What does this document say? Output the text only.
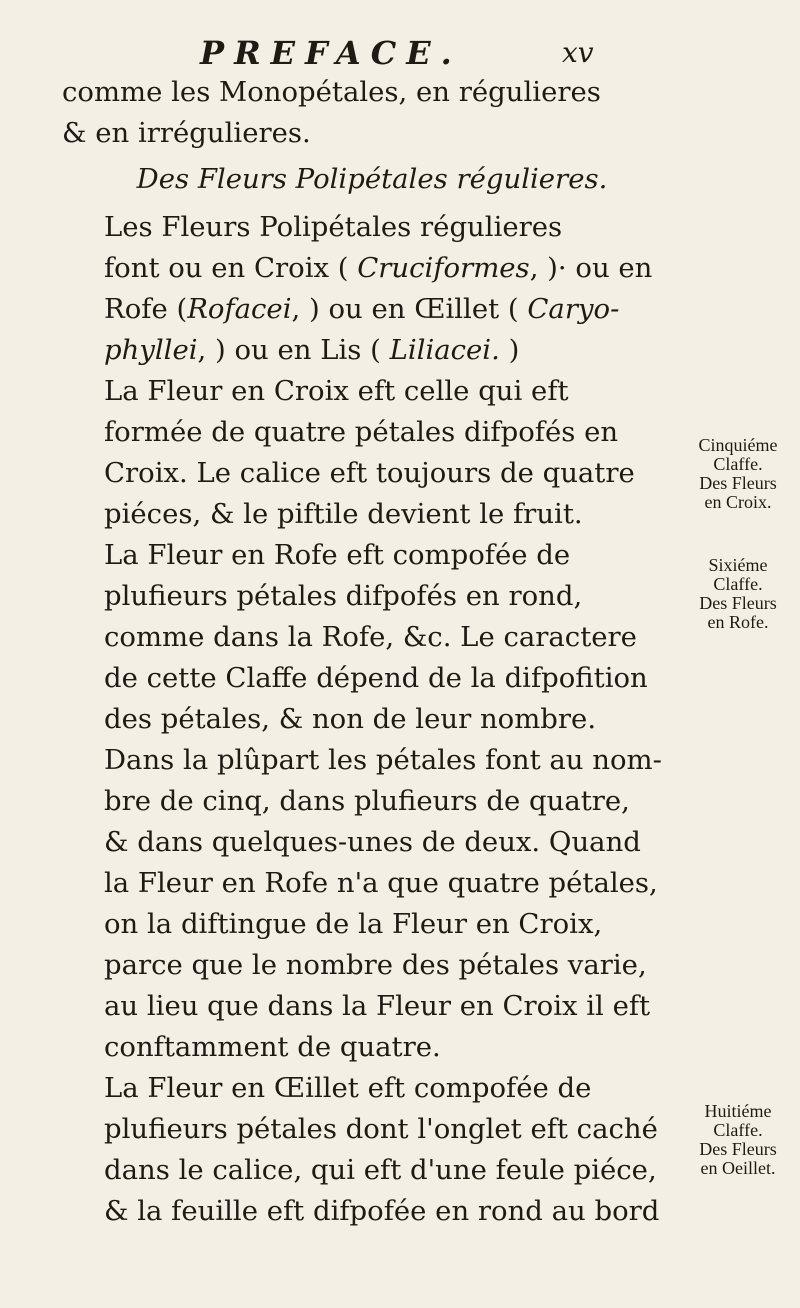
PREFACE.	xv

comme les Monopétales, en régulieres
& en irrégulieres.

Des Fleurs Polipétales régulieres.

Les Fleurs Polipétales régulieres
font ou en Croix ( Cruciformes, )· ou en
Rofe (Rofacei, ) ou en Œillet ( Caryo-
phyllei, ) ou en Lis ( Liliacei. )

La Fleur en Croix eft celle qui eft
formée de quatre pétales difpofés en
Croix. Le calice eft toujours de quatre
piéces, & le piftile devient le fruit.

La Fleur en Rofe eft compofée de
plufieurs pétales difpofés en rond,
comme dans la Rofe, &c. Le caractere
de cette Claffe dépend de la difpofition
des pétales, & non de leur nombre.
Dans la plûpart les pétales font au nom-
bre de cinq, dans plufieurs de quatre,
& dans quelques-unes de deux. Quand
la Fleur en Rofe n'a que quatre pétales,
on la diftingue de la Fleur en Croix,
parce que le nombre des pétales varie,
au lieu que dans la Fleur en Croix il eft
conftamment de quatre.

La Fleur en Œillet eft compofée de
plufieurs pétales dont l'onglet eft caché
dans le calice, qui eft d'une feule piéce,
& la feuille eft difpofée en rond au bord

Cinquiéme
Claffe.
Des Fleurs
en Croix.
Sixiéme
Claffe.
Des Fleurs
en Rofe.
Huitiéme
Claffe.
Des Fleurs
en Oeillet.
